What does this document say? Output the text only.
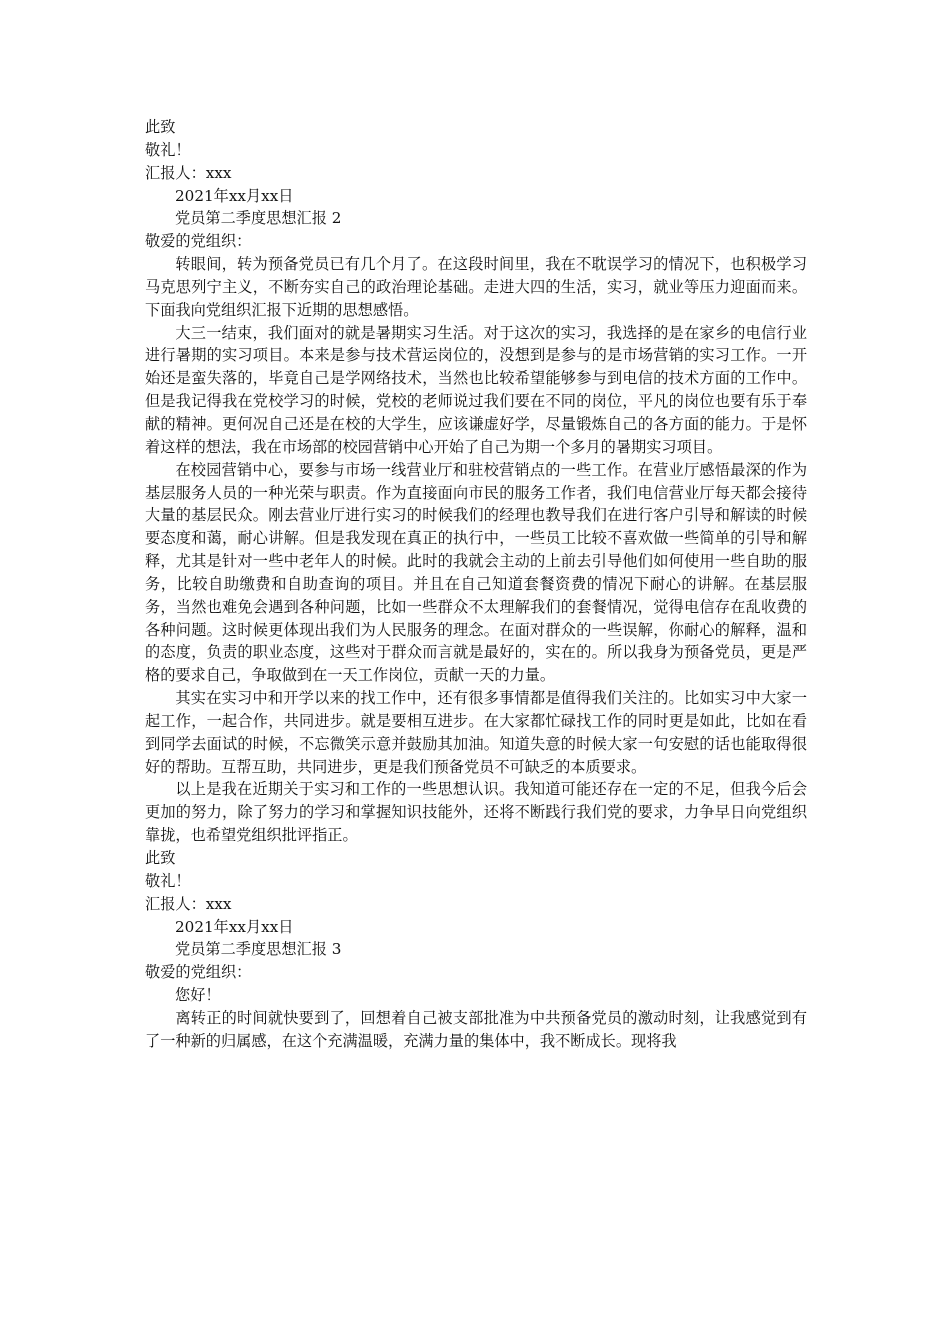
此致
敬礼！
汇报人：xxx
2021年xx月xx日
党员第二季度思想汇报 2
敬爱的党组织：

转眼间，转为预备党员已有几个月了。在这段时间里，我在不耽误学习的情况下，也积极学习马克思列宁主义，不断夯实自己的政治理论基础。走进大四的生活，实习，就业等压力迎面而来。下面我向党组织汇报下近期的思想感悟。

大三一结束，我们面对的就是暑期实习生活。对于这次的实习，我选择的是在家乡的电信行业进行暑期的实习项目。本来是参与技术营运岗位的，没想到是参与的是市场营销的实习工作。一开始还是蛮失落的，毕竟自己是学网络技术，当然也比较希望能够参与到电信的技术方面的工作中。但是我记得我在党校学习的时候，党校的老师说过我们要在不同的岗位，平凡的岗位也要有乐于奉献的精神。更何况自己还是在校的大学生，应该谦虚好学，尽量锻炼自己的各方面的能力。于是怀着这样的想法，我在市场部的校园营销中心开始了自己为期一个多月的暑期实习项目。

在校园营销中心，要参与市场一线营业厅和驻校营销点的一些工作。在营业厅感悟最深的作为基层服务人员的一种光荣与职责。作为直接面向市民的服务工作者，我们电信营业厅每天都会接待大量的基层民众。刚去营业厅进行实习的时候我们的经理也教导我们在进行客户引导和解读的时候要态度和蔼，耐心讲解。但是我发现在真正的执行中，一些员工比较不喜欢做一些简单的引导和解释，尤其是针对一些中老年人的时候。此时的我就会主动的上前去引导他们如何使用一些自助的服务，比较自助缴费和自助查询的项目。并且在自己知道套餐资费的情况下耐心的讲解。在基层服务，当然也难免会遇到各种问题，比如一些群众不太理解我们的套餐情况，觉得电信存在乱收费的各种问题。这时候更体现出我们为人民服务的理念。在面对群众的一些误解，你耐心的解释，温和的态度，负责的职业态度，这些对于群众而言就是最好的，实在的。所以我身为预备党员，更是严格的要求自己，争取做到在一天工作岗位，贡献一天的力量。

其实在实习中和开学以来的找工作中，还有很多事情都是值得我们关注的。比如实习中大家一起工作，一起合作，共同进步。就是要相互进步。在大家都忙碌找工作的同时更是如此，比如在看到同学去面试的时候，不忘微笑示意并鼓励其加油。知道失意的时候大家一句安慰的话也能取得很好的帮助。互帮互助，共同进步，更是我们预备党员不可缺乏的本质要求。

以上是我在近期关于实习和工作的一些思想认识。我知道可能还存在一定的不足，但我今后会更加的努力，除了努力的学习和掌握知识技能外，还将不断践行我们党的要求，力争早日向党组织靠拢，也希望党组织批评指正。

此致
敬礼！
汇报人：xxx
2021年xx月xx日
党员第二季度思想汇报 3
敬爱的党组织：
您好！

离转正的时间就快要到了，回想着自己被支部批准为中共预备党员的激动时刻，让我感觉到有了一种新的归属感，在这个充满温暖，充满力量的集体中，我不断成长。现将我
